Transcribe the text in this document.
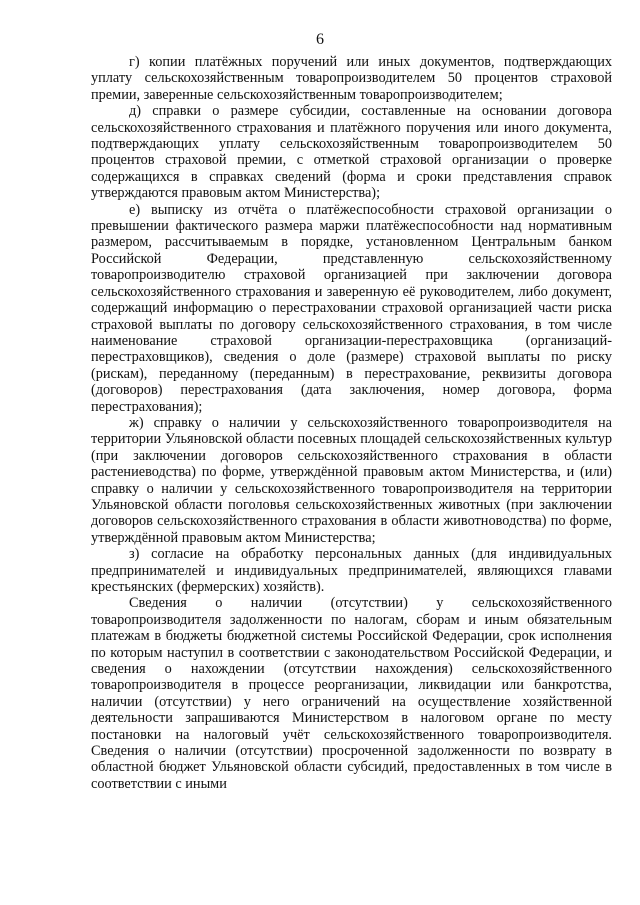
6

г) копии платёжных поручений или иных документов, подтверждающих уплату сельскохозяйственным товаропроизводителем 50 процентов страховой премии, заверенные сельскохозяйственным товаропроизводителем;

д) справки о размере субсидии, составленные на основании договора сельскохозяйственного страхования и платёжного поручения или иного документа, подтверждающих уплату сельскохозяйственным товаропроизводителем 50 процентов страховой премии, с отметкой страховой организации о проверке содержащихся в справках сведений (форма и сроки представления справок утверждаются правовым актом Министерства);

е) выписку из отчёта о платёжеспособности страховой организации о превышении фактического размера маржи платёжеспособности над нормативным размером, рассчитываемым в порядке, установленном Центральным банком Российской Федерации, представленную сельскохозяйственному товаропроизводителю страховой организацией при заключении договора сельскохозяйственного страхования и заверенную её руководителем, либо документ, содержащий информацию о перестраховании страховой организацией части риска страховой выплаты по договору сельскохозяйственного страхования, в том числе наименование страховой организации-перестраховщика (организаций-перестраховщиков), сведения о доле (размере) страховой выплаты по риску (рискам), переданному (переданным) в перестрахование, реквизиты договора (договоров) перестрахования (дата заключения, номер договора, форма перестрахования);

ж) справку о наличии у сельскохозяйственного товаропроизводителя на территории Ульяновской области посевных площадей сельскохозяйственных культур (при заключении договоров сельскохозяйственного страхования в области растениеводства) по форме, утверждённой правовым актом Министерства, и (или) справку о наличии у сельскохозяйственного товаропроизводителя на территории Ульяновской области поголовья сельскохозяйственных животных (при заключении договоров сельскохозяйственного страхования в области животноводства) по форме, утверждённой правовым актом Министерства;

з) согласие на обработку персональных данных (для индивидуальных предпринимателей и индивидуальных предпринимателей, являющихся главами крестьянских (фермерских) хозяйств).

Сведения о наличии (отсутствии) у сельскохозяйственного товаропроизводителя задолженности по налогам, сборам и иным обязательным платежам в бюджеты бюджетной системы Российской Федерации, срок исполнения по которым наступил в соответствии с законодательством Российской Федерации, и сведения о нахождении (отсутствии нахождения) сельскохозяйственного товаропроизводителя в процессе реорганизации, ликвидации или банкротства, наличии (отсутствии) у него ограничений на осуществление хозяйственной деятельности запрашиваются Министерством в налоговом органе по месту постановки на налоговый учёт сельскохозяйственного товаропроизводителя. Сведения о наличии (отсутствии) просроченной задолженности по возврату в областной бюджет Ульяновской области субсидий, предоставленных в том числе в соответствии с иными
